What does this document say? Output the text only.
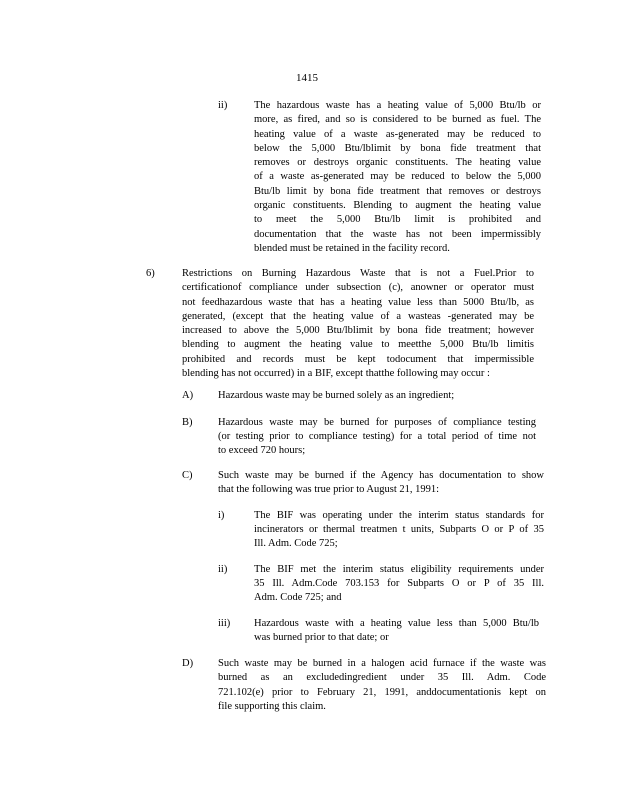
1415
ii)	The hazardous waste has a heating value of 5,000 Btu/lb or
more, as fired, and so is considered to be burned as fuel. The
heating value of a waste as-generated may be reduced to
below the 5,000 Btu/lblimit by bona fide treatment that
removes or destroys organic constituents. The heating value
of a waste as-generated may be reduced to below the 5,000
Btu/lb limit by bona fide treatment that removes or destroys
organic constituents. Blending to augment the heating value
to meet the 5,000 Btu/lb limit is prohibited and
documentation that the waste has not been impermissibly
blended must be retained in the facility record.
6)	Restrictions on Burning Hazardous Waste that is not a Fuel.Prior to
certificationof compliance under subsection (c), anowner or operator must
not feedhazardous waste that has a heating value less than 5000 Btu/lb, as
generated, (except that the heating value of a wasteas -generated may be
increased to above the 5,000 Btu/lblimit by bona fide treatment; however
blending to augment the heating value to meetthe 5,000 Btu/lb limitis
prohibited and records must be kept todocument that impermissible
blending has not occurred) in a BIF, except thatthe following may occur :
A) Hazardous waste may be burned solely as an ingredient;
B) Hazardous waste may be burned for purposes of compliance testing
(or testing prior to compliance testing) for a total period of time not
to exceed 720 hours;
C) Such waste may be burned if the Agency has documentation to show
that the following was true prior to August 21, 1991:
i)	The BIF was operating under the interim status standards for
incinerators or thermal treatmen t units, Subparts O or P of 35
Ill. Adm. Code 725;
ii)	The BIF met the interim status eligibility requirements under
35 Ill. Adm.Code 703.153 for Subparts O or P of 35 Ill.
Adm. Code 725; and
iii) Hazardous waste with a heating value less than 5,000 Btu/lb
was burned prior to that date; or
D) Such waste may be burned in a halogen acid furnace if the waste was
burned as an excludedingredient under 35 Ill. Adm. Code
721.102(e) prior to February 21, 1991, anddocumentationis kept on
file supporting this claim.
